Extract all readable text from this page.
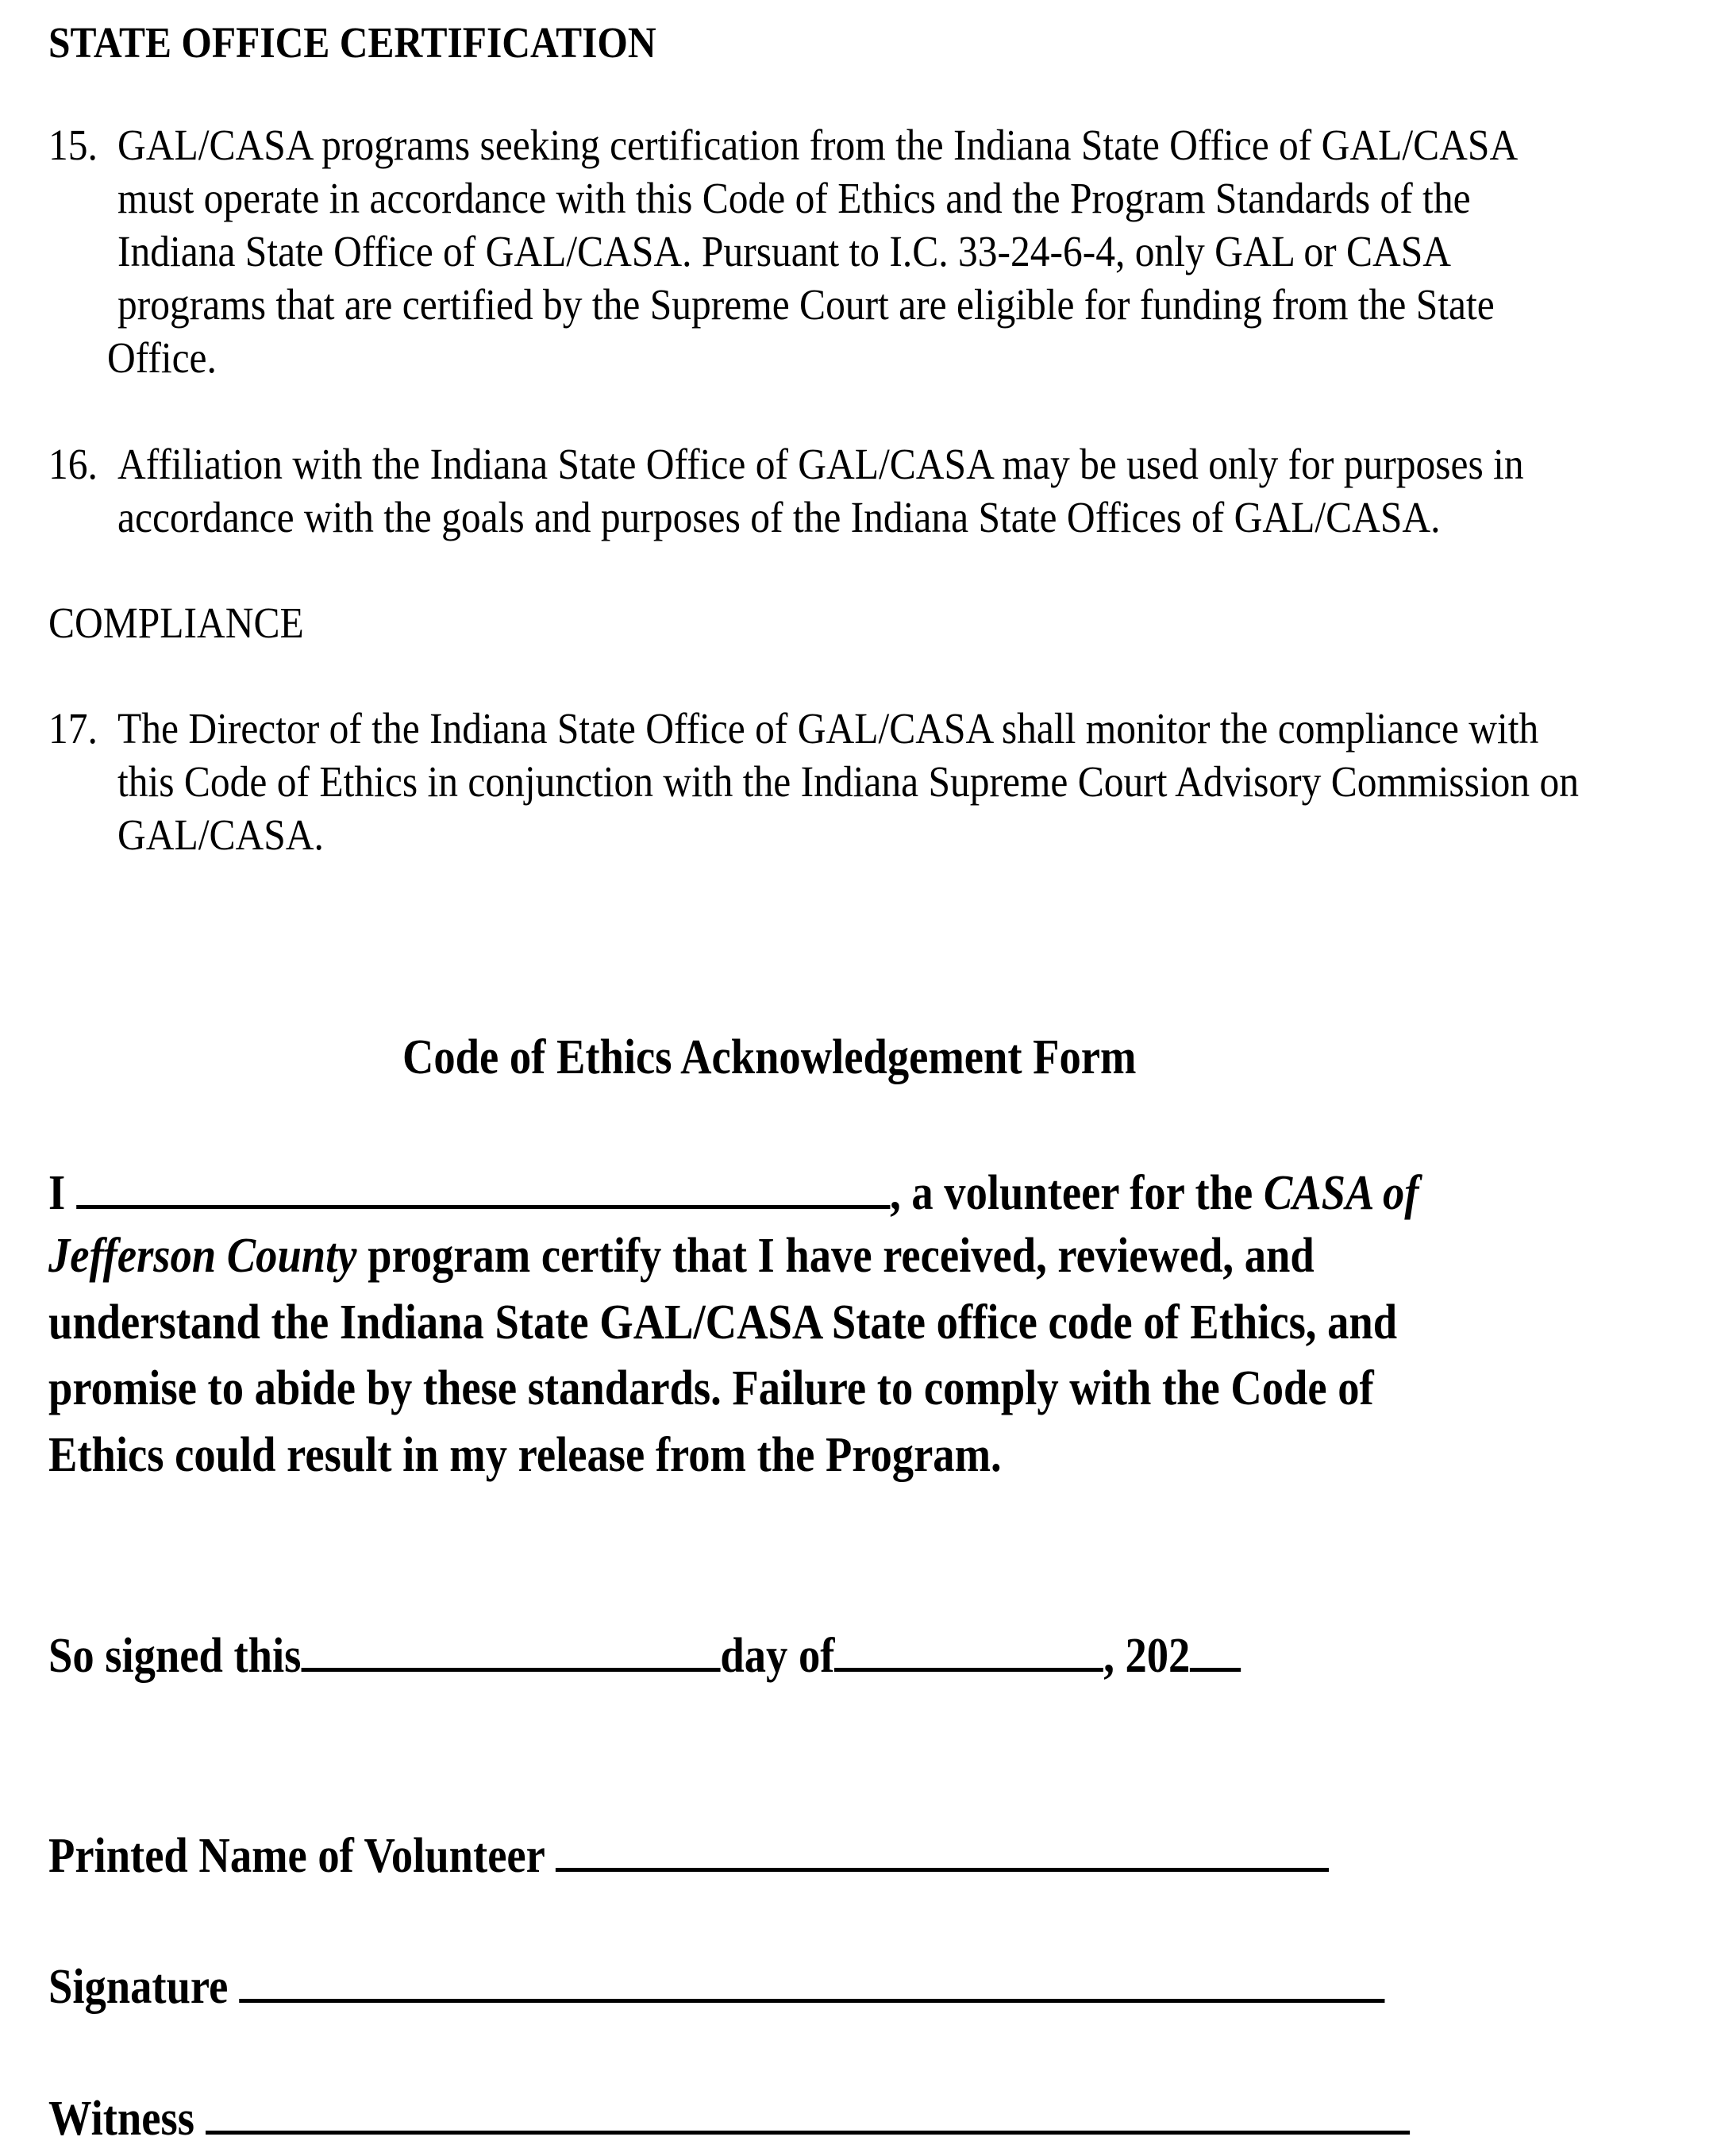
STATE OFFICE CERTIFICATION
15. GAL/CASA programs seeking certification from the Indiana State Office of GAL/CASA
must operate in accordance with this Code of Ethics and the Program Standards of the
Indiana State Office of GAL/CASA. Pursuant to I.C. 33-24-6-4, only GAL or CASA
programs that are certified by the Supreme Court are eligible for funding from the State
Office.
16. Affiliation with the Indiana State Office of GAL/CASA may be used only for purposes in
accordance with the goals and purposes of the Indiana State Offices of GAL/CASA.
COMPLIANCE
17. The Director of the Indiana State Office of GAL/CASA shall monitor the compliance with
this Code of Ethics in conjunction with the Indiana Supreme Court Advisory Commission on
GAL/CASA.
Code of Ethics Acknowledgement Form
I	, a volunteer for the CASA of
Jefferson County program certify that I have received, reviewed, and
understand the Indiana State GAL/CASA State office code of Ethics, and
promise to abide by these standards. Failure to comply with the Code of
Ethics could result in my release from the Program.
So signed this	day of	, 202
Printed Name of Volunteer
Signature
Witness
